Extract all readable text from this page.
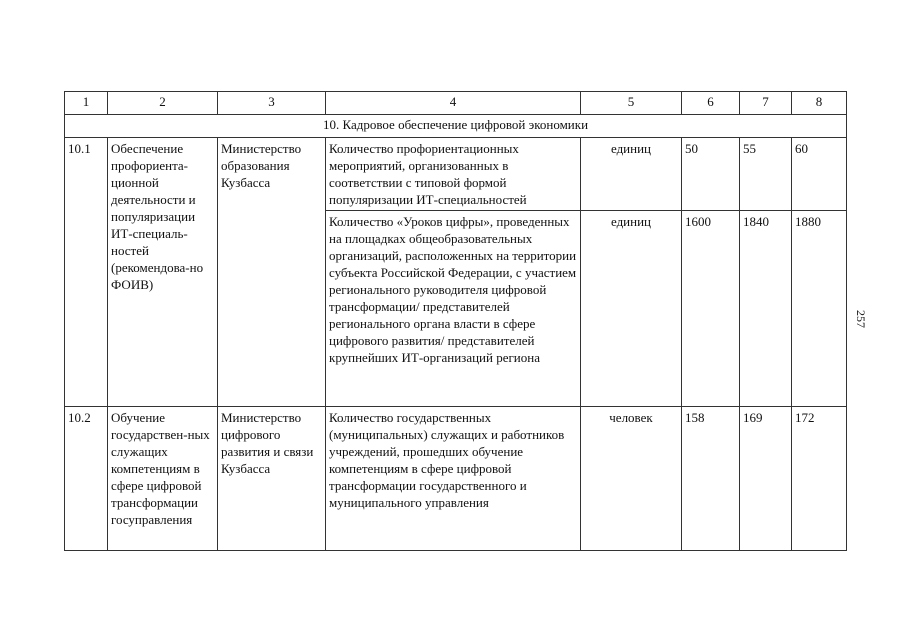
1	2	3	4	5	6	7	8
10. Кадровое обеспечение цифровой экономики							
10.1	Обеспечение профориента-ционной деятельности и популяризации ИТ-специаль-ностей (рекомендова-но ФОИВ)	Министерство образования Кузбасса	Количество профориентационных мероприятий, организованных в соответствии с типовой формой популяризации ИТ-специальностей	единиц	50	55	60
			Количество «Уроков цифры», проведенных на площадках общеобразовательных организаций, расположенных на территории субъекта Российской Федерации, с участием регионального руководителя цифровой трансформации/ представителей регионального органа власти в сфере цифрового развития/ представителей крупнейших ИТ-организаций региона	единиц	1600	1840	1880
10.2	Обучение государствен-ных служащих компетенциям в сфере цифровой трансформации госуправления	Министерство цифрового развития и связи Кузбасса	Количество государственных (муниципальных) служащих и работников учреждений, прошедших обучение компетенциям в сфере цифровой трансформации государственного и муниципального управления	человек	158	169	172
257
